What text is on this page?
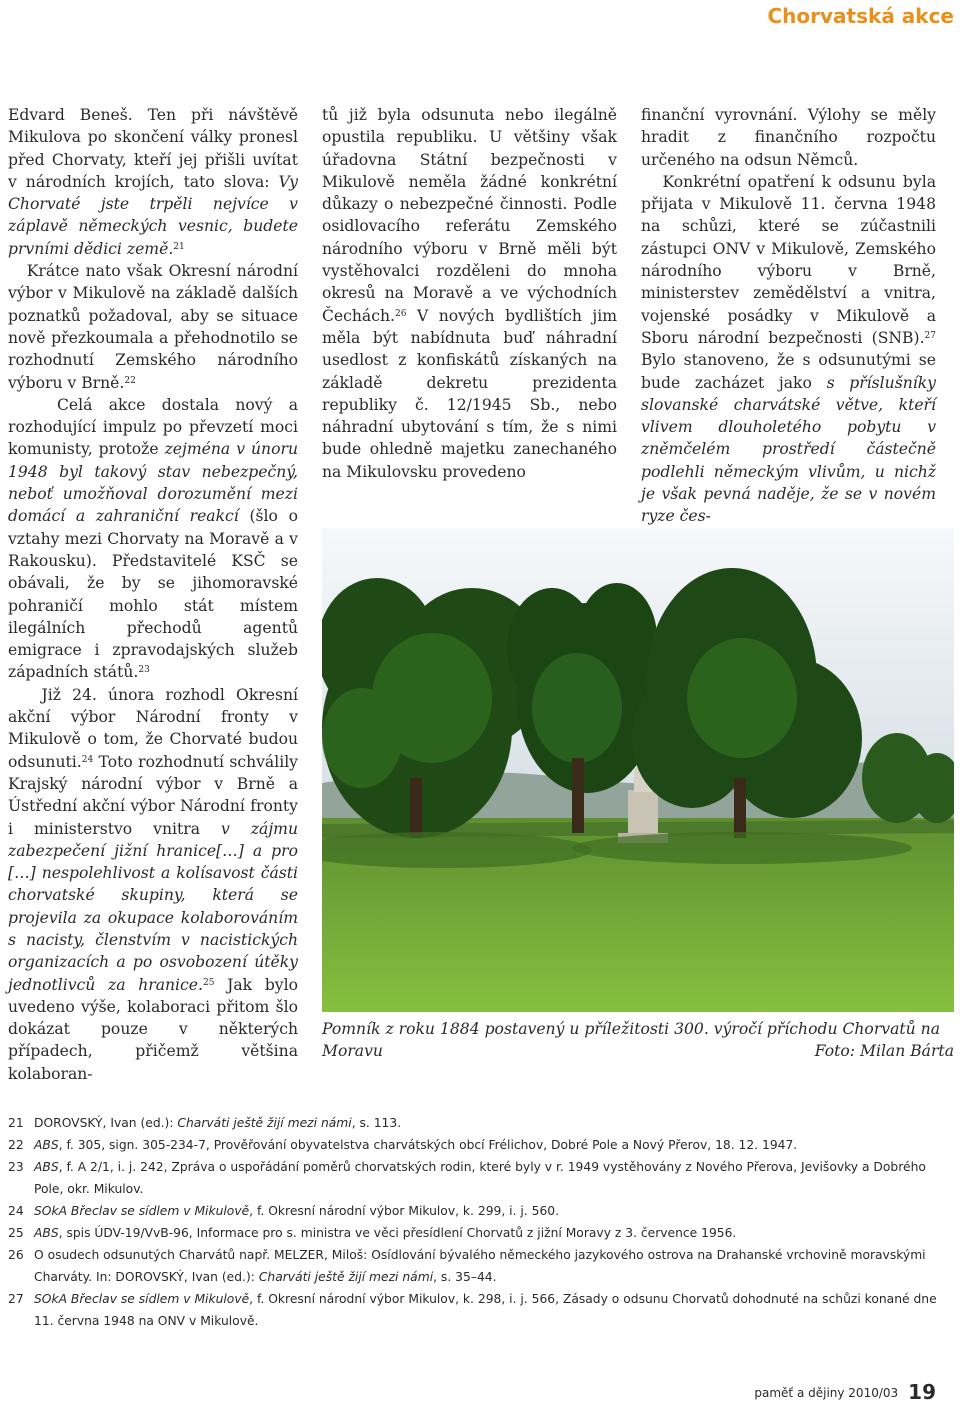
Chorvatská akce

Edvard Beneš. Ten při návštěvě Mikulova po skončení války pronesl před Chorvaty, kteří jej přišli uvítat v národních krojích, tato slova: Vy Chorvaté jste trpěli nejvíce v záplavě německých vesnic, budete prvními dědici země.$^{21}$

Krátce nato však Okresní národní výbor v Mikulově na základě dalších poznatků požadoval, aby se situace nově přezkoumala a přehodnotilo se rozhodnutí Zemského národního výboru v Brně.$^{22}$

Celá akce dostala nový a rozhodující impulz po převzetí moci komunisty, protože zejména v únoru 1948 byl takový stav nebezpečný, neboť umožňoval dorozumění mezi domácí a zahraniční reakcí (šlo o vztahy mezi Chorvaty na Moravě a v Rakousku). Představitelé KSČ se obávali, že by se jihomoravské pohraničí mohlo stát místem ilegálních přechodů agentů emigrace i zpravodajských služeb západních států.$^{23}$

Již 24. února rozhodl Okresní akční výbor Národní fronty v Mikulově o tom, že Chorvaté budou odsunuti.$^{24}$ Toto rozhodnutí schválily Krajský národní výbor v Brně a Ústřední akční výbor Národní fronty i ministerstvo vnitra v zájmu zabezpečení jižní hranice[…] a pro […] nespolehlivost a kolísavost části chorvatské skupiny, která se projevila za okupace kolaborováním s nacisty, členstvím v nacistických organizacích a po osvobození útěky jednotlivců za hranice.$^{25}$ Jak bylo uvedeno výše, kolaboraci přitom šlo dokázat pouze v některých případech, přičemž většina kolaboran-

tů již byla odsunuta nebo ilegálně opustila republiku. U většiny však úřadovna Státní bezpečnosti v Mikulově neměla žádné konkrétní důkazy o nebezpečné činnosti. Podle osidlovacího referátu Zemského národního výboru v Brně měli být vystěhovalci rozděleni do mnoha okresů na Moravě a ve východních Čechách.$^{26}$ V nových bydlištích jim měla být nabídnuta buď náhradní usedlost z konfiskátů získaných na základě dekretu prezidenta republiky č. 12/1945 Sb., nebo náhradní ubytování s tím, že s nimi bude ohledně majetku zanechaného na Mikulovsku provedeno

finanční vyrovnání. Výlohy se měly hradit z finančního rozpočtu určeného na odsun Němců.

Konkrétní opatření k odsunu byla přijata v Mikulově 11. června 1948 na schůzi, které se zúčastnili zástupci ONV v Mikulově, Zemského národního výboru v Brně, ministerstev zemědělství a vnitra, vojenské posádky v Mikulově a Sboru národní bezpečnosti (SNB).$^{27}$ Bylo stanoveno, že s odsunutými se bude zacházet jako s příslušníky slovanské charvátské větve, kteří vlivem dlouholetého pobytu v zněmčelém prostředí částečně podlehli německým vlivům, u nichž je však pevná naděje, že se v novém ryze čes-

Pomník z roku 1884 postavený u příležitosti 300. výročí příchodu Chorvatů na Moravu	Foto: Milan Bárta
21 DOROVSKÝ, Ivan (ed.): Charváti ještě žijí mezi námi, s. 113.
22 ABS, f. 305, sign. 305-234-7, Prověřování obyvatelstva charvátských obcí Frélichov, Dobré Pole a Nový Přerov, 18. 12. 1947.
23 ABS, f. A 2/1, i. j. 242, Zpráva o uspořádání poměrů chorvatských rodin, které byly v r. 1949 vystěhovány z Nového Přerova, Jevišovky a Dobrého Pole, okr. Mikulov.
24 SOkA Břeclav se sídlem v Mikulově, f. Okresní národní výbor Mikulov, k. 299, i. j. 560.
25 ABS, spis ÚDV-19/VvB-96, Informace pro s. ministra ve věci přesídlení Chorvatů z jižní Moravy z 3. července 1956.
26 O osudech odsunutých Charvátů např. MELZER, Miloš: Osídlování bývalého německého jazykového ostrova na Drahanské vrchovině moravskými Charváty. In: DOROVSKÝ, Ivan (ed.): Charváti ještě žijí mezi námi, s. 35–44.
27 SOkA Břeclav se sídlem v Mikulově, f. Okresní národní výbor Mikulov, k. 298, i. j. 566, Zásady o odsunu Chorvatů dohodnuté na schůzi konané dne 11. června 1948 na ONV v Mikulově.
paměť a dějiny 2010/03 19
